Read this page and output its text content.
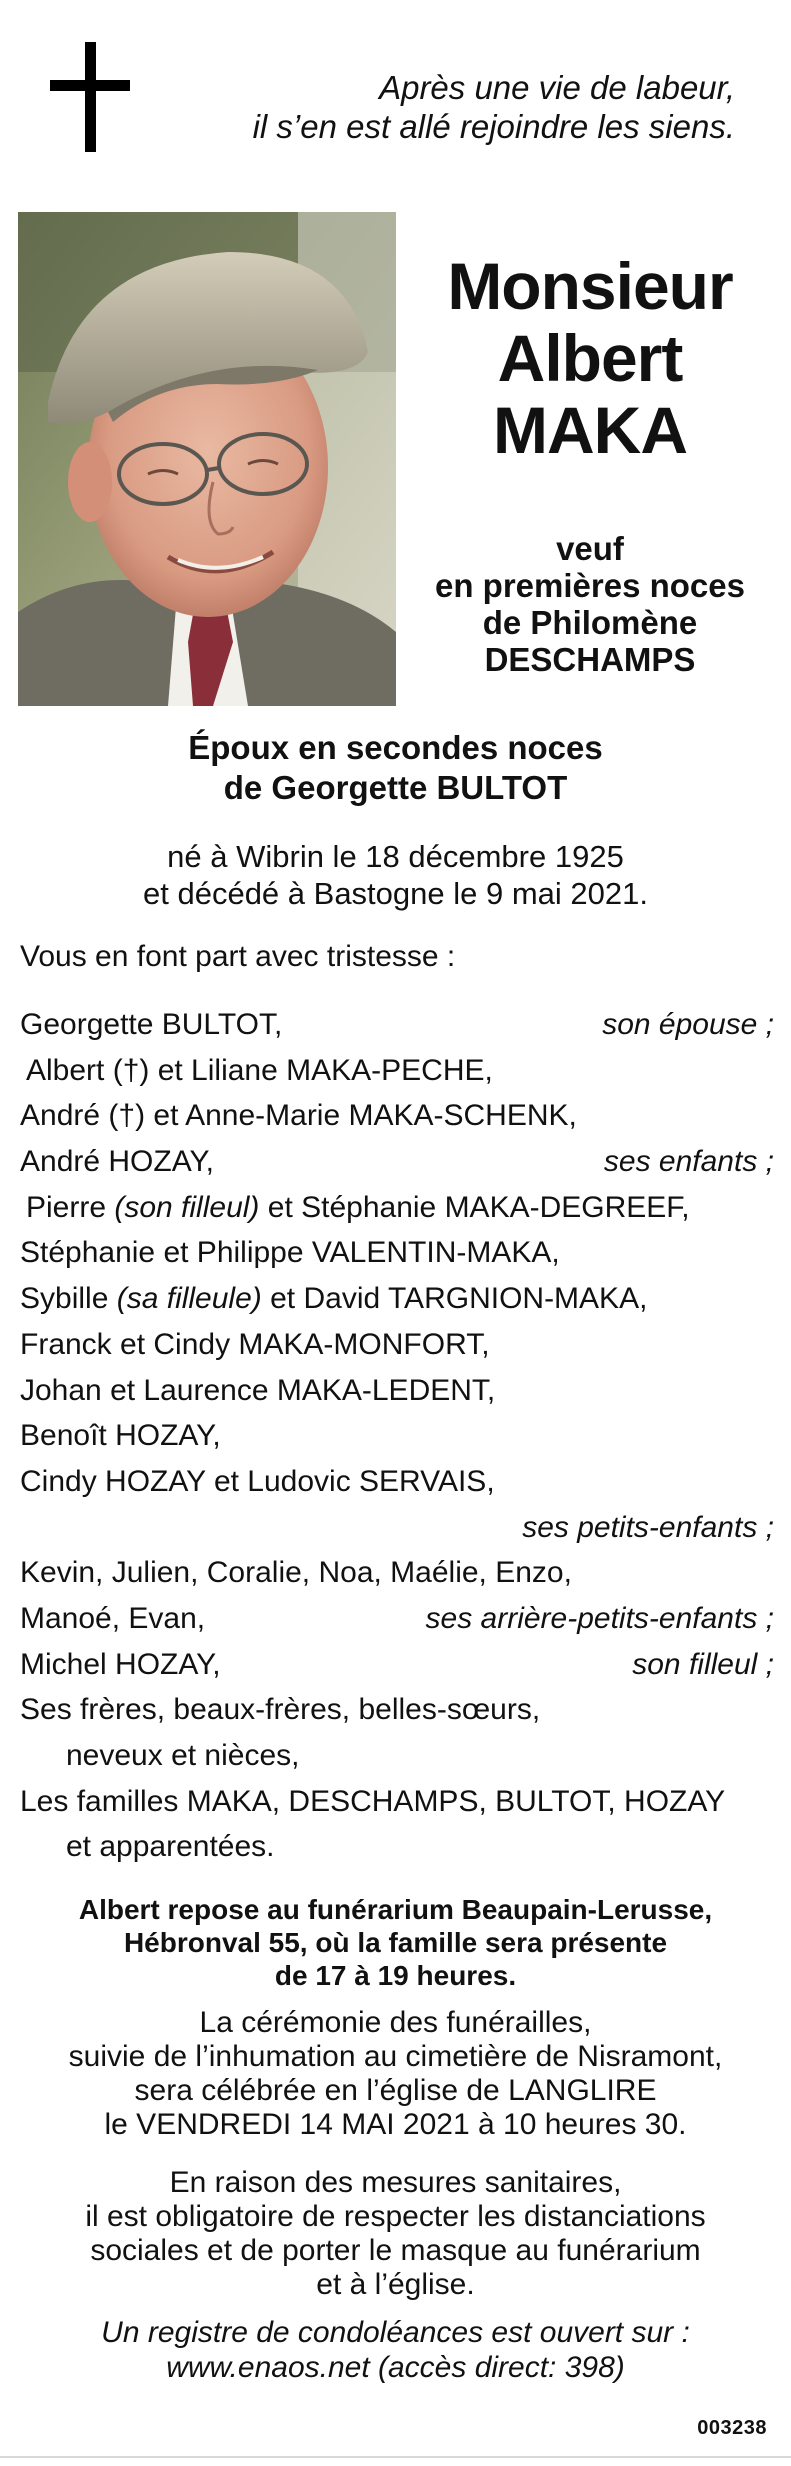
Après une vie de labeur,
il s’en est allé rejoindre les siens.
Monsieur
Albert
MAKA
veuf
en premières noces
de Philomène
DESCHAMPS
Époux en secondes noces
de Georgette BULTOT
né à Wibrin le 18 décembre 1925
et décédé à Bastogne le 9 mai 2021.
Vous en font part avec tristesse :
Georgette BULTOT,	son épouse ;
Albert (†) et Liliane MAKA-PECHE,
André (†) et Anne-Marie MAKA-SCHENK,
André HOZAY,	ses enfants ;
Pierre (son filleul) et Stéphanie MAKA-DEGREEF,
Stéphanie et Philippe VALENTIN-MAKA,
Sybille (sa filleule) et David TARGNION-MAKA,
Franck et Cindy MAKA-MONFORT,
Johan et Laurence MAKA-LEDENT,
Benoît HOZAY,
Cindy HOZAY et Ludovic SERVAIS,
ses petits-enfants ;
Kevin, Julien, Coralie, Noa, Maélie, Enzo,
Manoé, Evan,	ses arrière-petits-enfants ;
Michel HOZAY,	son filleul ;
Ses frères, beaux-frères, belles-sœurs,
neveux et nièces,
Les familles MAKA, DESCHAMPS, BULTOT, HOZAY
et apparentées.
Albert repose au funérarium Beaupain-Lerusse,
Hébronval 55, où la famille sera présente
de 17 à 19 heures.
La cérémonie des funérailles,
suivie de l’inhumation au cimetière de Nisramont,
sera célébrée en l’église de LANGLIRE
le VENDREDI 14 MAI 2021 à 10 heures 30.
En raison des mesures sanitaires,
il est obligatoire de respecter les distanciations
sociales et de porter le masque au funérarium
et à l’église.
Un registre de condoléances est ouvert sur :
www.enaos.net (accès direct: 398)
003238
